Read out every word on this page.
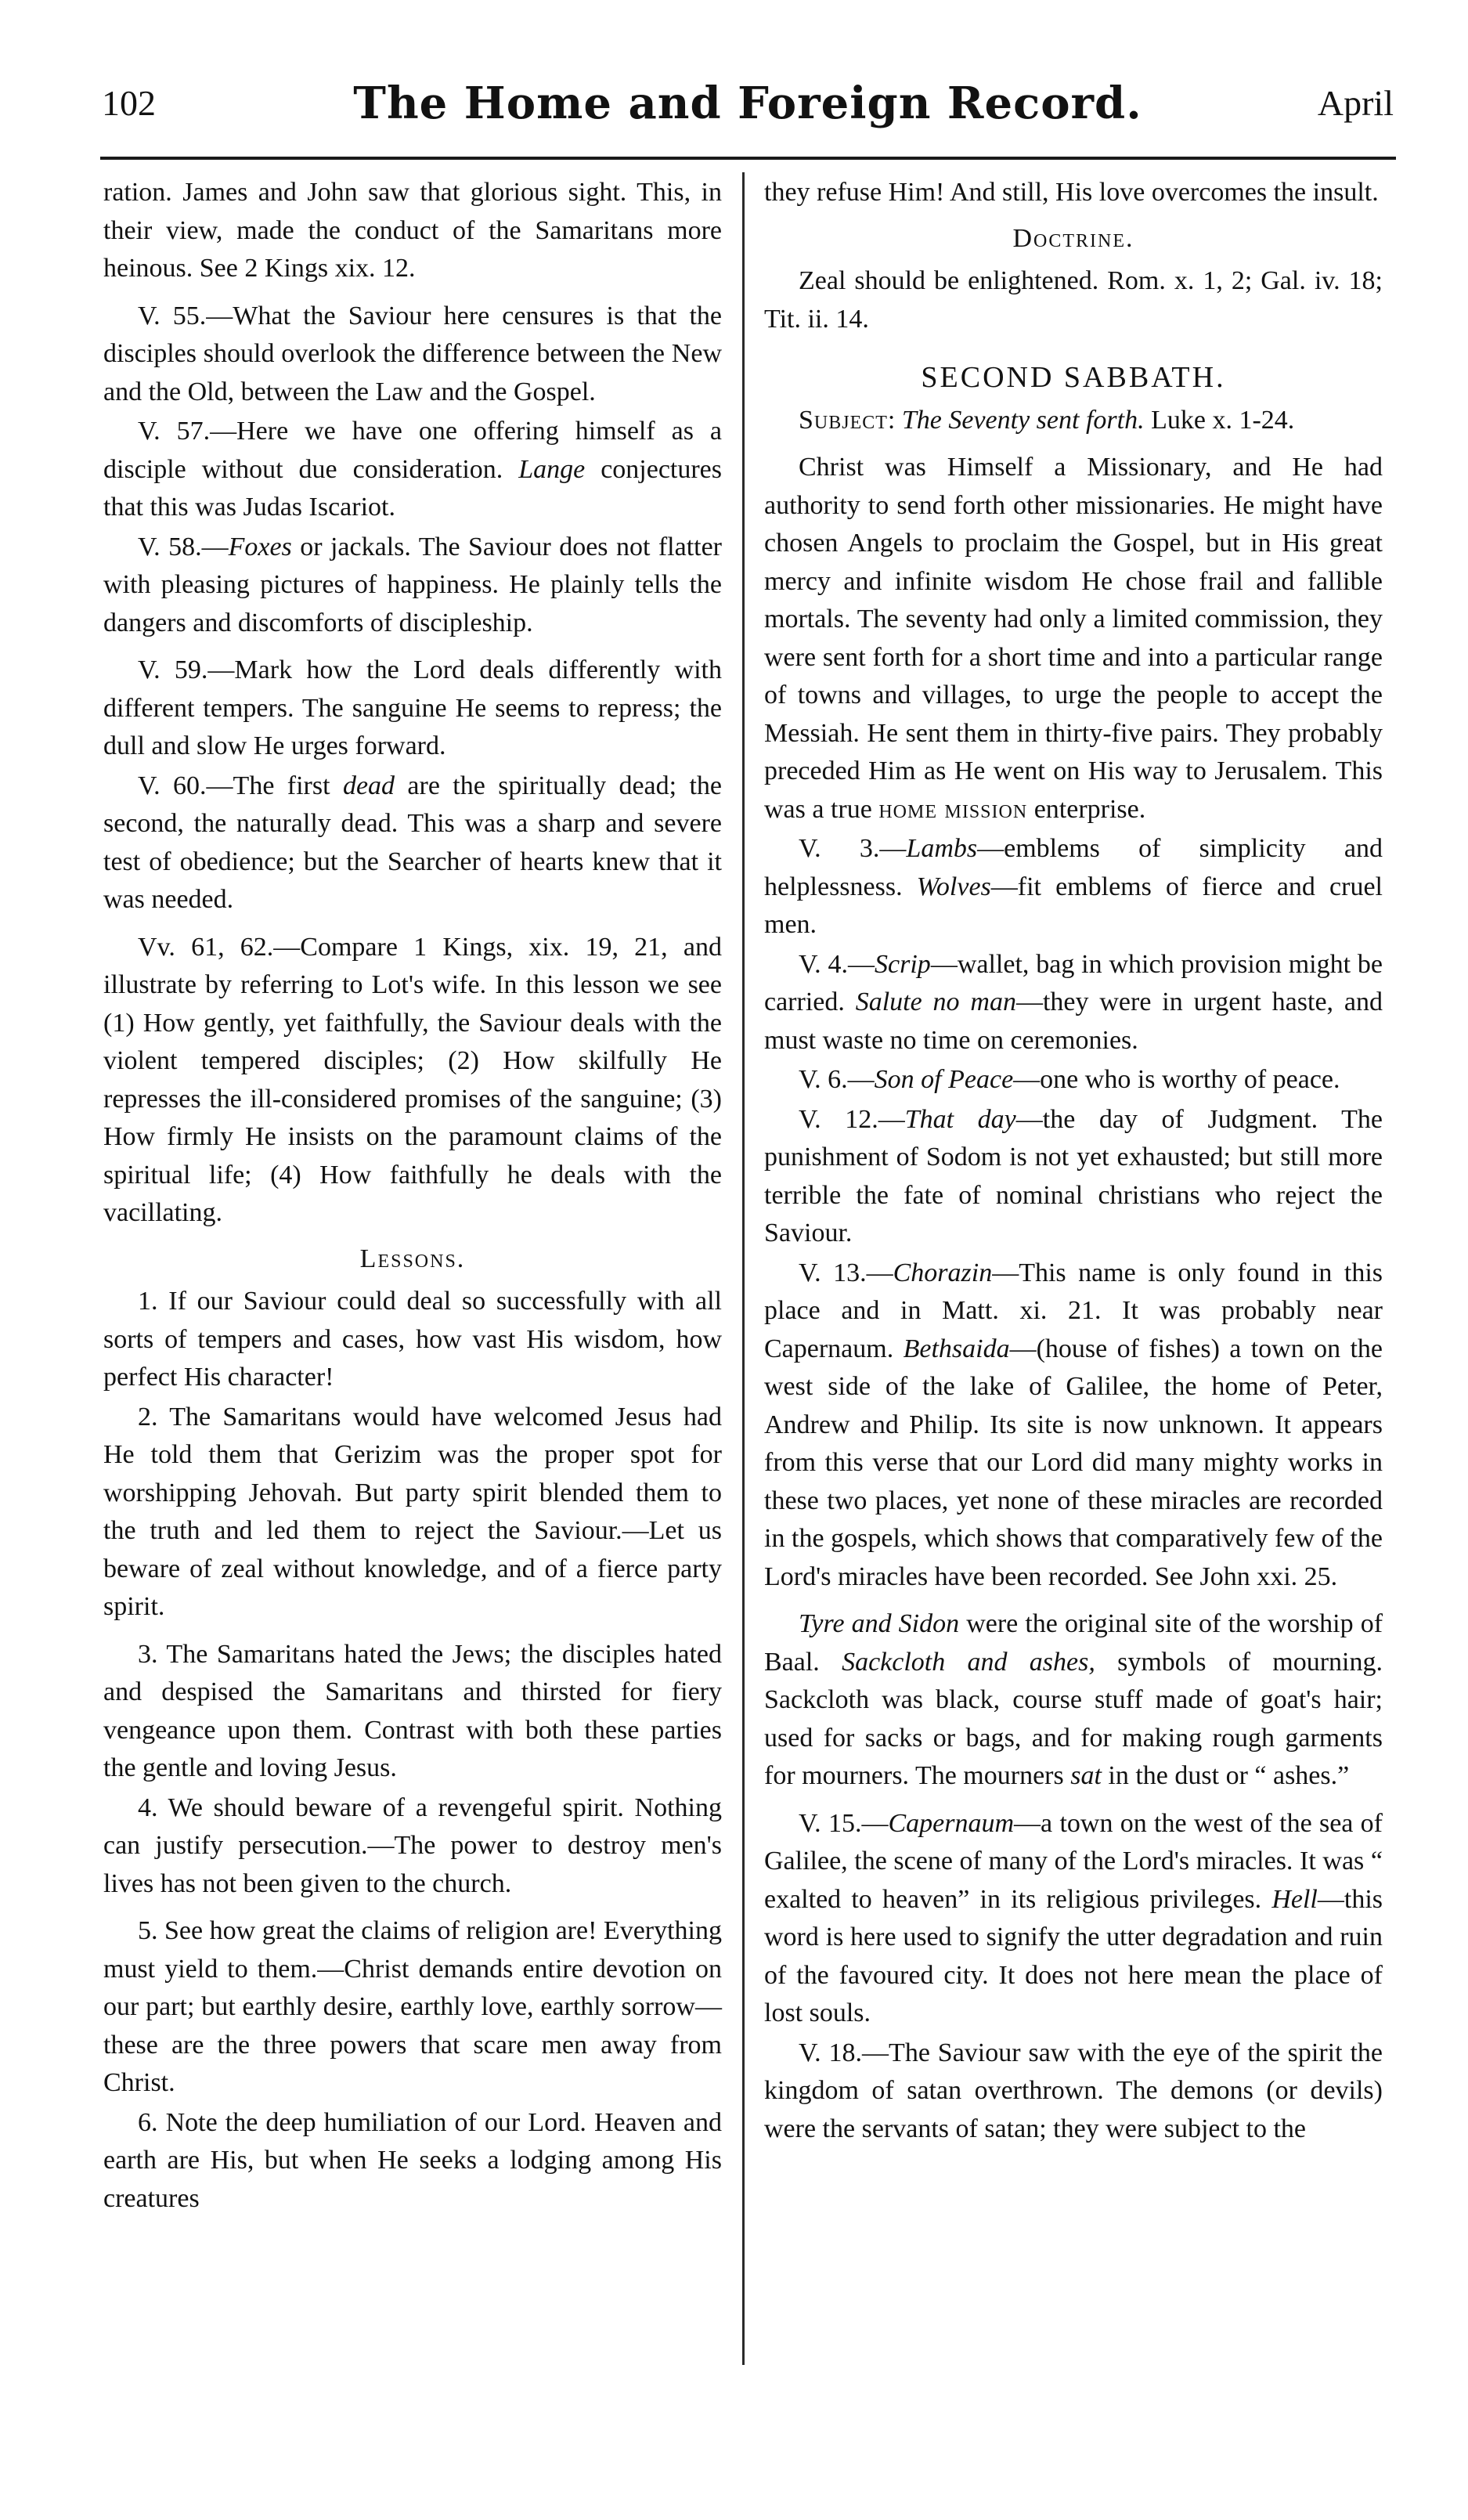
102	The Home and Foreign Record.	April

ration. James and John saw that glorious sight. This, in their view, made the conduct of the Samaritans more heinous. See 2 Kings xix. 12.

V. 55.—What the Saviour here censures is that the disciples should overlook the difference between the New and the Old, between the Law and the Gospel.

V. 57.—Here we have one offering himself as a disciple without due consideration. Lange conjectures that this was Judas Iscariot.

V. 58.—Foxes or jackals. The Saviour does not flatter with pleasing pictures of happiness. He plainly tells the dangers and discomforts of discipleship.

V. 59.—Mark how the Lord deals differently with different tempers. The sanguine He seems to repress; the dull and slow He urges forward.

V. 60.—The first dead are the spiritually dead; the second, the naturally dead. This was a sharp and severe test of obedience; but the Searcher of hearts knew that it was needed.

Vv. 61, 62.—Compare 1 Kings, xix. 19, 21, and illustrate by referring to Lot's wife. In this lesson we see (1) How gently, yet faithfully, the Saviour deals with the violent tempered disciples; (2) How skilfully He represses the ill-considered promises of the sanguine; (3) How firmly He insists on the paramount claims of the spiritual life; (4) How faithfully he deals with the vacillating.

Lessons.

1. If our Saviour could deal so successfully with all sorts of tempers and cases, how vast His wisdom, how perfect His character!

2. The Samaritans would have welcomed Jesus had He told them that Gerizim was the proper spot for worshipping Jehovah. But party spirit blended them to the truth and led them to reject the Saviour.—Let us beware of zeal without knowledge, and of a fierce party spirit.

3. The Samaritans hated the Jews; the disciples hated and despised the Samaritans and thirsted for fiery vengeance upon them. Contrast with both these parties the gentle and loving Jesus.

4. We should beware of a revengeful spirit. Nothing can justify persecution.—The power to destroy men's lives has not been given to the church.

5. See how great the claims of religion are! Everything must yield to them.—Christ demands entire devotion on our part; but earthly desire, earthly love, earthly sorrow—these are the three powers that scare men away from Christ.

6. Note the deep humiliation of our Lord. Heaven and earth are His, but when He seeks a lodging among His creatures

they refuse Him! And still, His love overcomes the insult.

Doctrine.

Zeal should be enlightened. Rom. x. 1, 2; Gal. iv. 18; Tit. ii. 14.

SECOND SABBATH.

Subject: The Seventy sent forth. Luke x. 1-24.

Christ was Himself a Missionary, and He had authority to send forth other missionaries. He might have chosen Angels to proclaim the Gospel, but in His great mercy and infinite wisdom He chose frail and fallible mortals. The seventy had only a limited commission, they were sent forth for a short time and into a particular range of towns and villages, to urge the people to accept the Messiah. He sent them in thirty-five pairs. They probably preceded Him as He went on His way to Jerusalem. This was a true home mission enterprise.

V. 3.—Lambs—emblems of simplicity and helplessness. Wolves—fit emblems of fierce and cruel men.

V. 4.—Scrip—wallet, bag in which provision might be carried. Salute no man—they were in urgent haste, and must waste no time on ceremonies.

V. 6.—Son of Peace—one who is worthy of peace.

V. 12.—That day—the day of Judgment. The punishment of Sodom is not yet exhausted; but still more terrible the fate of nominal christians who reject the Saviour.

V. 13.—Chorazin—This name is only found in this place and in Matt. xi. 21. It was probably near Capernaum. Bethsaida—(house of fishes) a town on the west side of the lake of Galilee, the home of Peter, Andrew and Philip. Its site is now unknown. It appears from this verse that our Lord did many mighty works in these two places, yet none of these miracles are recorded in the gospels, which shows that comparatively few of the Lord's miracles have been recorded. See John xxi. 25.

Tyre and Sidon were the original site of the worship of Baal. Sackcloth and ashes, symbols of mourning. Sackcloth was black, course stuff made of goat's hair; used for sacks or bags, and for making rough garments for mourners. The mourners sat in the dust or “ ashes.”

V. 15.—Capernaum—a town on the west of the sea of Galilee, the scene of many of the Lord's miracles. It was “ exalted to heaven” in its religious privileges. Hell—this word is here used to signify the utter degradation and ruin of the favoured city. It does not here mean the place of lost souls.

V. 18.—The Saviour saw with the eye of the spirit the kingdom of satan overthrown. The demons (or devils) were the servants of satan; they were subject to the
